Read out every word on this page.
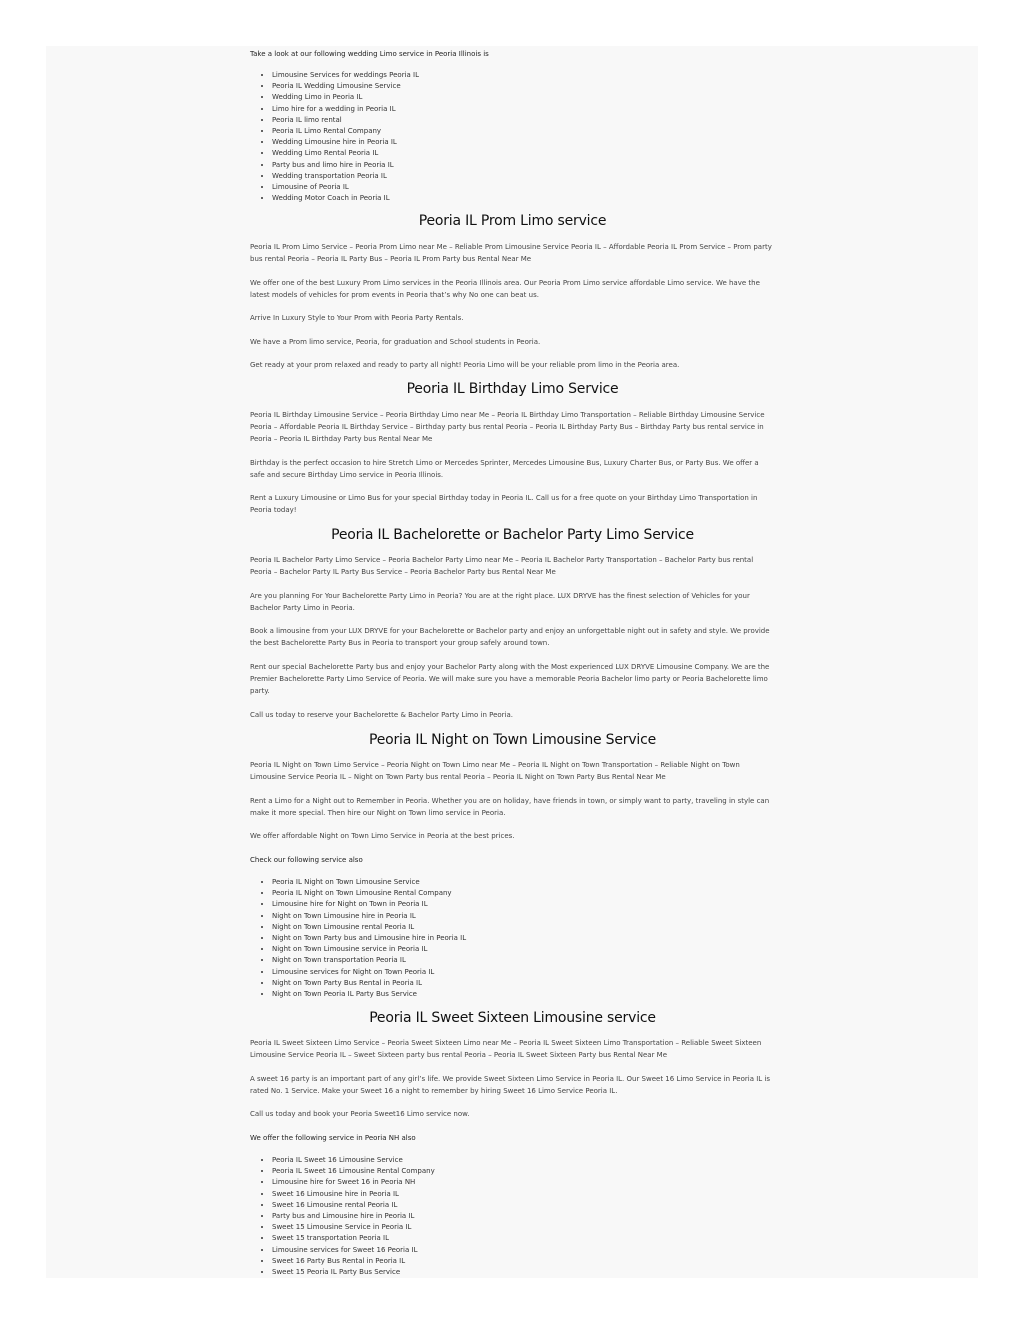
Take a look at our following wedding Limo service in Peoria Illinois is

• Limousine Services for weddings Peoria IL
• Peoria IL Wedding Limousine Service
• Wedding Limo in Peoria IL
• Limo hire for a wedding in Peoria IL
• Peoria IL limo rental
• Peoria IL Limo Rental Company
• Wedding Limousine hire in Peoria IL
• Wedding Limo Rental Peoria IL
• Party bus and limo hire in Peoria IL
• Wedding transportation Peoria IL
• Limousine of Peoria IL
• Wedding Motor Coach in Peoria IL
Peoria IL Prom Limo service

Peoria IL Prom Limo Service – Peoria Prom Limo near Me – Reliable Prom Limousine Service Peoria IL – Affordable Peoria IL Prom Service – Prom party bus rental Peoria – Peoria IL Party Bus – Peoria IL Prom Party bus Rental Near Me

We offer one of the best Luxury Prom Limo services in the Peoria Illinois area. Our Peoria Prom Limo service affordable Limo service. We have the latest models of vehicles for prom events in Peoria that’s why No one can beat us.

Arrive In Luxury Style to Your Prom with Peoria Party Rentals.

We have a Prom limo service, Peoria, for graduation and School students in Peoria.

Get ready at your prom relaxed and ready to party all night! Peoria Limo will be your reliable prom limo in the Peoria area.

Peoria IL Birthday Limo Service

Peoria IL Birthday Limousine Service – Peoria Birthday Limo near Me – Peoria IL Birthday Limo Transportation – Reliable Birthday Limousine Service Peoria – Affordable Peoria IL Birthday Service – Birthday party bus rental Peoria – Peoria IL Birthday Party Bus – Birthday Party bus rental service in Peoria – Peoria IL Birthday Party bus Rental Near Me

Birthday is the perfect occasion to hire Stretch Limo or Mercedes Sprinter, Mercedes Limousine Bus, Luxury Charter Bus, or Party Bus. We offer a safe and secure Birthday Limo service in Peoria Illinois.

Rent a Luxury Limousine or Limo Bus for your special Birthday today in Peoria IL. Call us for a free quote on your Birthday Limo Transportation in Peoria today!

Peoria IL Bachelorette or Bachelor Party Limo Service

Peoria IL Bachelor Party Limo Service – Peoria Bachelor Party Limo near Me – Peoria IL Bachelor Party Transportation – Bachelor Party bus rental Peoria – Bachelor Party IL Party Bus Service – Peoria Bachelor Party bus Rental Near Me

Are you planning For Your Bachelorette Party Limo in Peoria? You are at the right place. LUX DRYVE has the finest selection of Vehicles for your Bachelor Party Limo in Peoria.

Book a limousine from your LUX DRYVE for your Bachelorette or Bachelor party and enjoy an unforgettable night out in safety and style. We provide the best Bachelorette Party Bus in Peoria to transport your group safely around town.

Rent our special Bachelorette Party bus and enjoy your Bachelor Party along with the Most experienced LUX DRYVE Limousine Company. We are the Premier Bachelorette Party Limo Service of Peoria. We will make sure you have a memorable Peoria Bachelor limo party or Peoria Bachelorette limo party.

Call us today to reserve your Bachelorette & Bachelor Party Limo in Peoria.

Peoria IL Night on Town Limousine Service

Peoria IL Night on Town Limo Service – Peoria Night on Town Limo near Me – Peoria IL Night on Town Transportation – Reliable Night on Town Limousine Service Peoria IL – Night on Town Party bus rental Peoria – Peoria IL Night on Town Party Bus Rental Near Me

Rent a Limo for a Night out to Remember in Peoria. Whether you are on holiday, have friends in town, or simply want to party, traveling in style can make it more special. Then hire our Night on Town limo service in Peoria.

We offer affordable Night on Town Limo Service in Peoria at the best prices.

Check our following service also

• Peoria IL Night on Town Limousine Service
• Peoria IL Night on Town Limousine Rental Company
• Limousine hire for Night on Town in Peoria IL
• Night on Town Limousine hire in Peoria IL
• Night on Town Limousine rental Peoria IL
• Night on Town Party bus and Limousine hire in Peoria IL
• Night on Town Limousine service in Peoria IL
• Night on Town transportation Peoria IL
• Limousine services for Night on Town Peoria IL
• Night on Town Party Bus Rental in Peoria IL
• Night on Town Peoria IL Party Bus Service
Peoria IL Sweet Sixteen Limousine service

Peoria IL Sweet Sixteen Limo Service – Peoria Sweet Sixteen Limo near Me – Peoria IL Sweet Sixteen Limo Transportation – Reliable Sweet Sixteen Limousine Service Peoria IL – Sweet Sixteen party bus rental Peoria – Peoria IL Sweet Sixteen Party bus Rental Near Me

A sweet 16 party is an important part of any girl’s life. We provide Sweet Sixteen Limo Service in Peoria IL. Our Sweet 16 Limo Service in Peoria IL is rated No. 1 Service. Make your Sweet 16 a night to remember by hiring Sweet 16 Limo Service Peoria IL.

Call us today and book your Peoria Sweet16 Limo service now.

We offer the following service in Peoria NH also

• Peoria IL Sweet 16 Limousine Service
• Peoria IL Sweet 16 Limousine Rental Company
• Limousine hire for Sweet 16 in Peoria NH
• Sweet 16 Limousine hire in Peoria IL
• Sweet 16 Limousine rental Peoria IL
• Party bus and Limousine hire in Peoria IL
• Sweet 15 Limousine Service in Peoria IL
• Sweet 15 transportation Peoria IL
• Limousine services for Sweet 16 Peoria IL
• Sweet 16 Party Bus Rental in Peoria IL
• Sweet 15 Peoria IL Party Bus Service
